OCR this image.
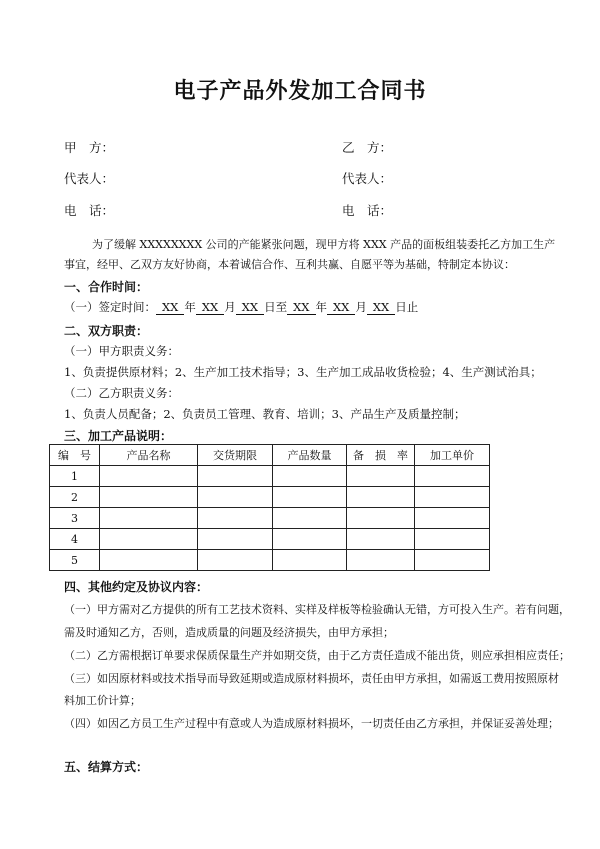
电子产品外发加工合同书
甲　方：	乙　方：
代表人：	代表人：
电　话：	电　话：
为了缓解 XXXXXXXX 公司的产能紧张问题，现甲方将 XXX 产品的面板组装委托乙方加工生产
事宜，经甲、乙双方友好协商，本着诚信合作、互利共赢、自愿平等为基础，特制定本协议：
一、合作时间：
（一）签定时间： XX 年 XX 月 XX 日至 XX 年 XX 月 XX 日止
二、双方职责：
（一）甲方职责义务：
1、负责提供原材料；2、生产加工技术指导；3、生产加工成品收货检验；4、生产测试治具；
（二）乙方职责义务：
1、负责人员配备；2、负责员工管理、教育、培训；3、产品生产及质量控制；
三、加工产品说明：
编　号	产品名称	交货期限	产品数量	备　损　率	加工单价
1					
2					
3					
4					
5					
四、其他约定及协议内容：
（一）甲方需对乙方提供的所有工艺技术资料、实样及样板等检验确认无错，方可投入生产。若有问题，
需及时通知乙方，否则，造成质量的问题及经济损失，由甲方承担；
（二）乙方需根据订单要求保质保量生产并如期交货，由于乙方责任造成不能出货，则应承担相应责任；
（三）如因原材料或技术指导而导致延期或造成原材料损坏，责任由甲方承担，如需返工费用按照原材
料加工价计算；
（四）如因乙方员工生产过程中有意或人为造成原材料损坏，一切责任由乙方承担，并保证妥善处理；
五、结算方式：
